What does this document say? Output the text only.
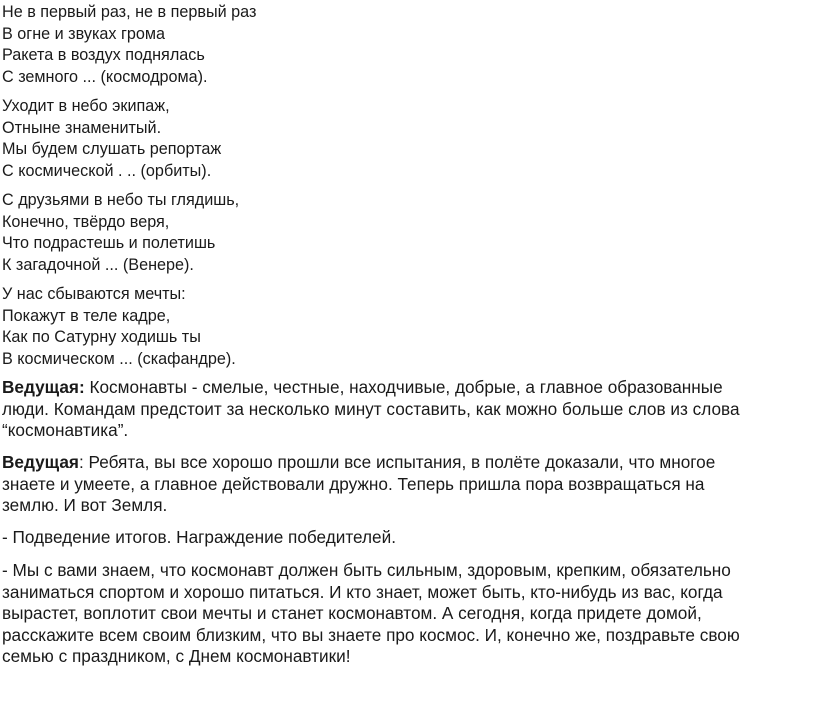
Не в первый раз, не в первый раз
В огне и звуках грома
Ракета в воздух поднялась
С земного ... (космодрома).

Уходит в небо экипаж,
Отныне знаменитый.
Мы будем слушать репортаж
С космической . .. (орбиты).

С друзьями в небо ты глядишь,
Конечно, твёрдо веря,
Что подрастешь и полетишь
К загадочной ... (Венере).

У нас сбываются мечты:
Покажут в теле кадре,
Как по Сатурну ходишь ты
В космическом ... (скафандре).

Ведущая: Космонавты - смелые, честные, находчивые, добрые, а главное образованные
люди. Командам предстоит за несколько минут составить, как можно больше слов из слова
“космонавтика”.

Ведущая: Ребята, вы все хорошо прошли все испытания, в полёте доказали, что многое
знаете и умеете, а главное действовали дружно. Теперь пришла пора возвращаться на
землю. И вот Земля.

- Подведение итогов. Награждение победителей.

- Мы с вами знаем, что космонавт должен быть сильным, здоровым, крепким, обязательно
заниматься спортом и хорошо питаться. И кто знает, может быть, кто-нибудь из вас, когда
вырастет, воплотит свои мечты и станет космонавтом. А сегодня, когда придете домой,
расскажите всем своим близким, что вы знаете про космос. И, конечно же, поздравьте свою
семью с праздником, с Днем космонавтики!
